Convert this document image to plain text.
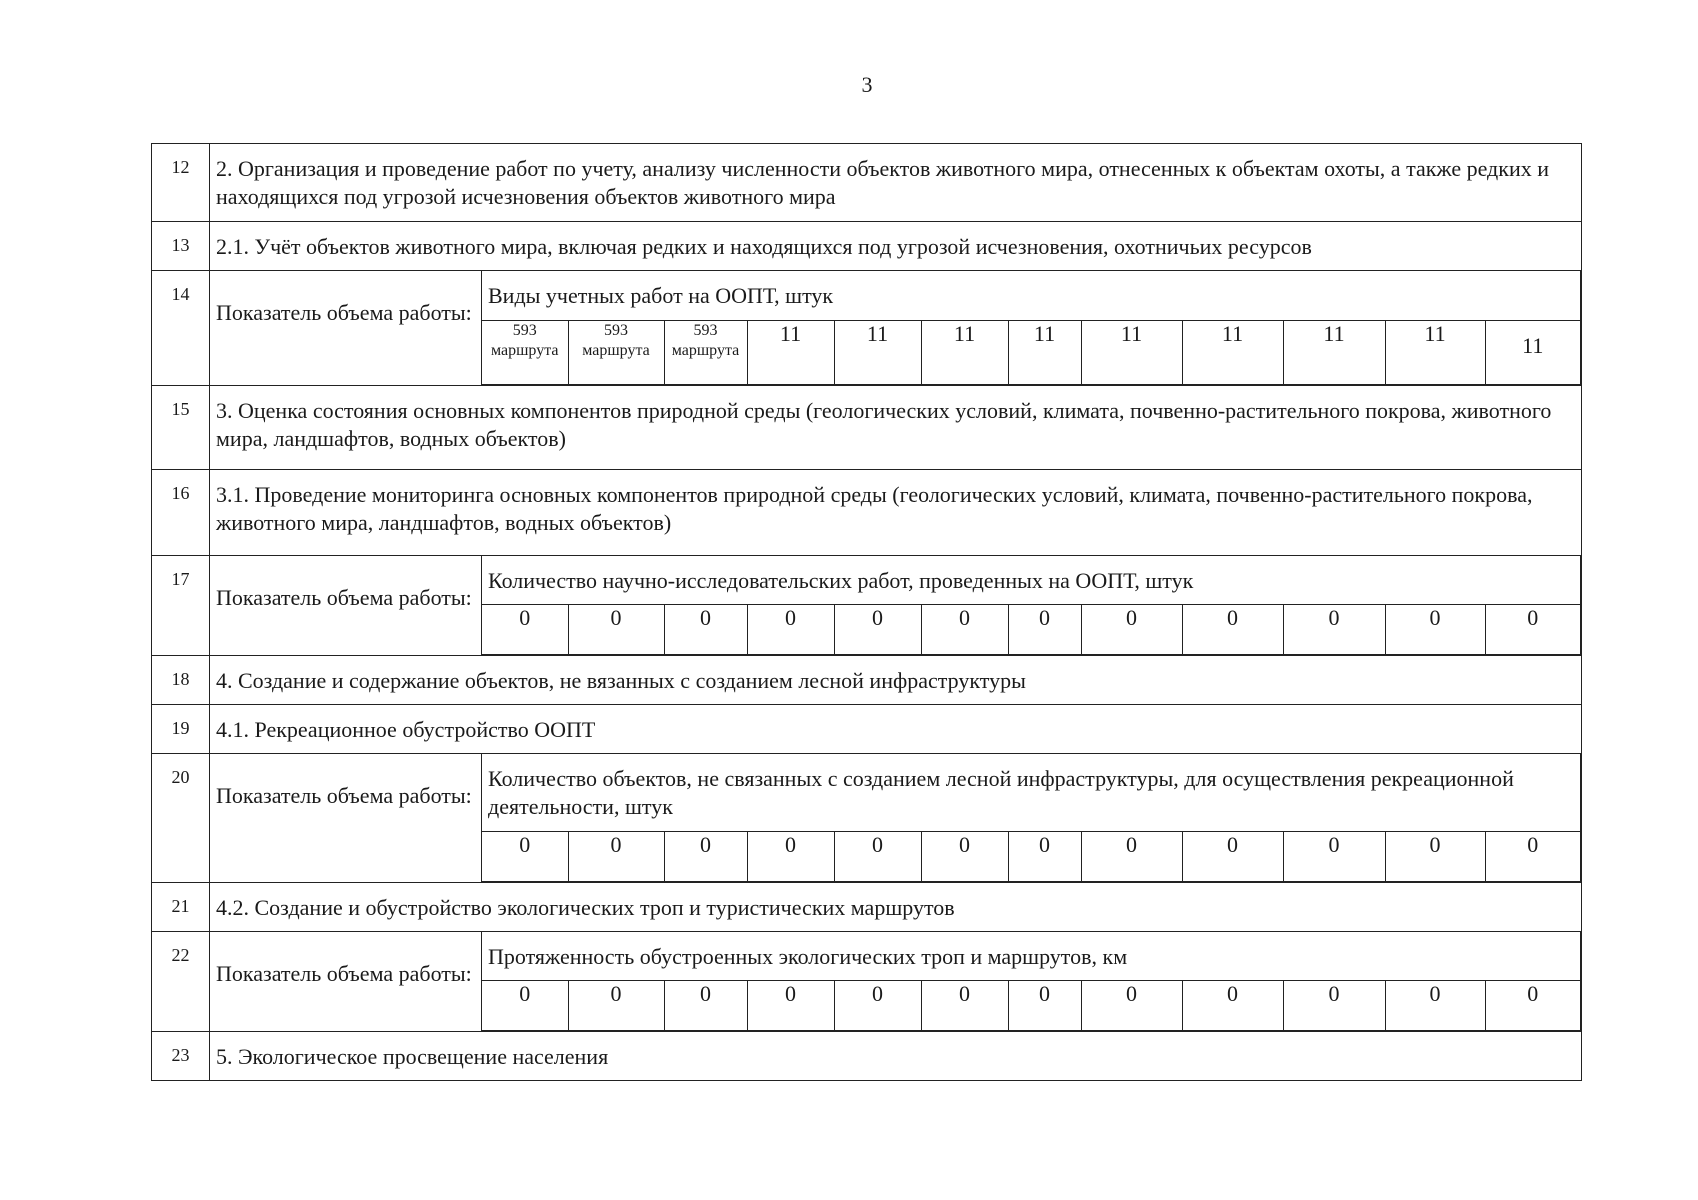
3
12	2. Организация и проведение работ по учету, анализу численности объектов животного мира, отнесенных к объектам охоты, а также редких и находящихся под угрозой исчезновения объектов животного мира
13	2.1. Учёт объектов животного мира, включая редких и находящихся под угрозой исчезновения, охотничьих ресурсов
14	Показатель объема работы:	
Виды учетных работ на ООПТ, штук
593
маршрута	593
маршрута	593
маршрута	11	11	11	11	11	11	11	11	11

15	3. Оценка состояния основных компонентов природной среды (геологических условий, климата, почвенно-растительного покрова, животного мира, ландшафтов, водных объектов)
16	3.1. Проведение мониторинга основных компонентов природной среды (геологических условий, климата, почвенно-растительного покрова, животного мира, ландшафтов, водных объектов)
17	Показатель объема работы:	
Количество научно-исследовательских работ, проведенных на ООПТ, штук
0	0	0	0	0	0	0	0	0	0	0	0

18	4. Создание и содержание объектов, не вязанных с созданием лесной инфраструктуры
19	4.1. Рекреационное обустройство ООПТ
20	Показатель объема работы:	
Количество объектов, не связанных с созданием лесной инфраструктуры, для осуществления рекреационной деятельности, штук
0	0	0	0	0	0	0	0	0	0	0	0

21	4.2. Создание и обустройство экологических троп и туристических маршрутов
22	Показатель объема работы:	
Протяженность обустроенных экологических троп и маршрутов, км
0	0	0	0	0	0	0	0	0	0	0	0

23	5. Экологическое просвещение населения
